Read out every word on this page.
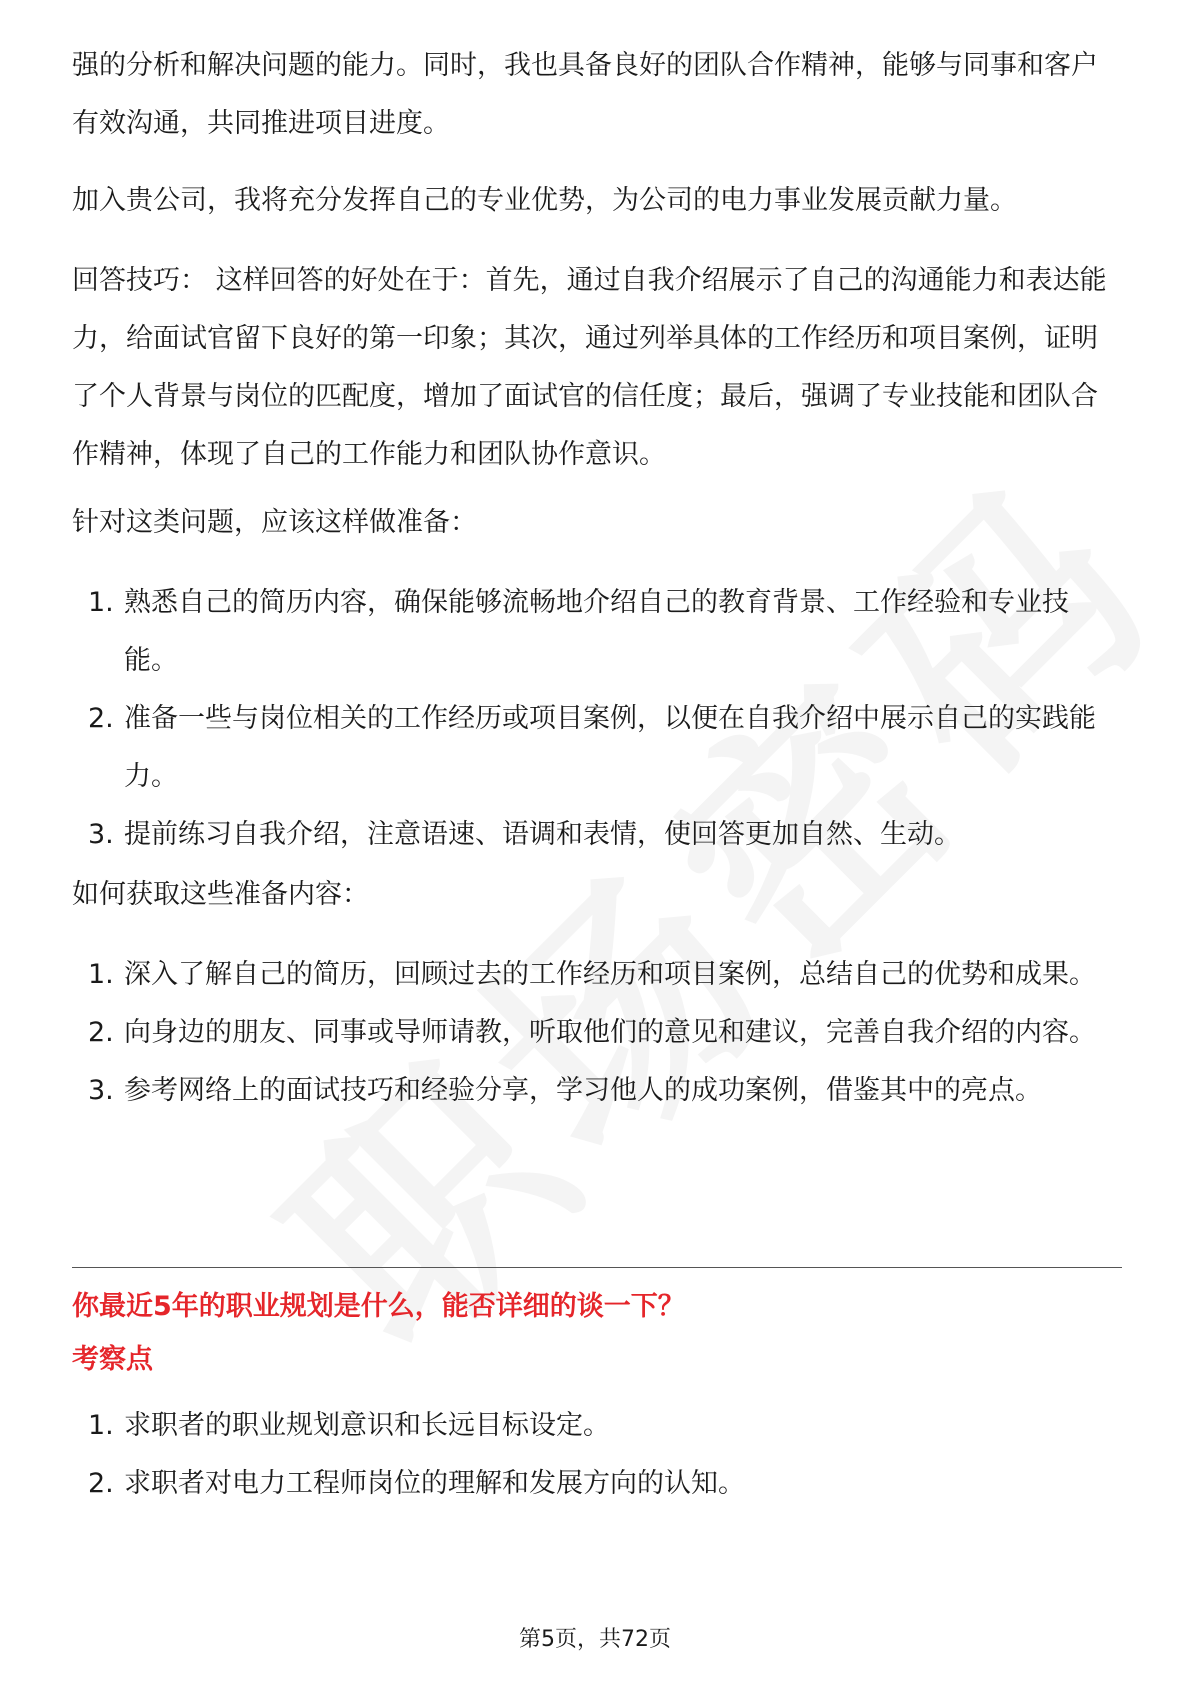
强的分析和解决问题的能力。同时，我也具备良好的团队合作精神，能够与同事和客户有效沟通，共同推进项目进度。

加入贵公司，我将充分发挥自己的专业优势，为公司的电力事业发展贡献力量。

回答技巧： 这样回答的好处在于：首先，通过自我介绍展示了自己的沟通能力和表达能力，给面试官留下良好的第一印象；其次，通过列举具体的工作经历和项目案例，证明了个人背景与岗位的匹配度，增加了面试官的信任度；最后，强调了专业技能和团队合作精神，体现了自己的工作能力和团队协作意识。

针对这类问题，应该这样做准备：

1. 熟悉自己的简历内容，确保能够流畅地介绍自己的教育背景、工作经验和专业技能。
2. 准备一些与岗位相关的工作经历或项目案例，以便在自我介绍中展示自己的实践能力。
3. 提前练习自我介绍，注意语速、语调和表情，使回答更加自然、生动。

如何获取这些准备内容：

1. 深入了解自己的简历，回顾过去的工作经历和项目案例，总结自己的优势和成果。
2. 向身边的朋友、同事或导师请教，听取他们的意见和建议，完善自我介绍的内容。
3. 参考网络上的面试技巧和经验分享，学习他人的成功案例，借鉴其中的亮点。
你最近5年的职业规划是什么，能否详细的谈一下？
考察点
1. 求职者的职业规划意识和长远目标设定。
2. 求职者对电力工程师岗位的理解和发展方向的认知。
第5页，共72页
